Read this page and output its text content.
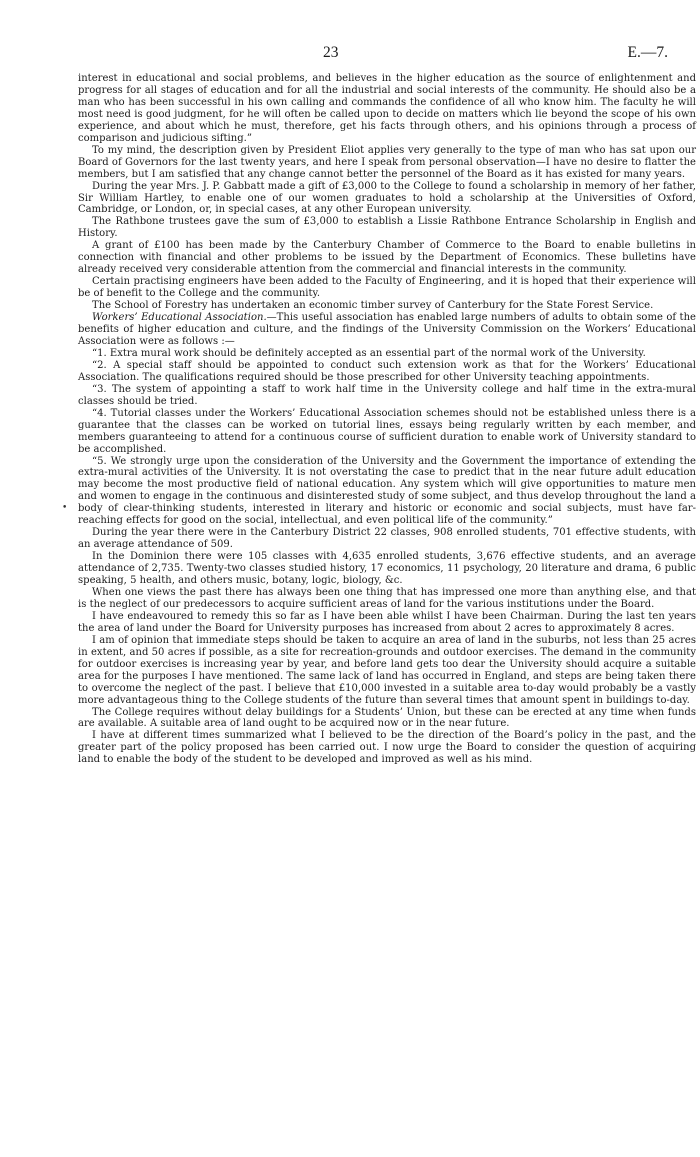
23	E.—7.
•

interest in educational and social problems, and believes in the higher education as the source of enlightenment and progress for all stages of education and for all the industrial and social interests of the community. He should also be a man who has been successful in his own calling and commands the confidence of all who know him. The faculty he will most need is good judgment, for he will often be called upon to decide on matters which lie beyond the scope of his own experience, and about which he must, therefore, get his facts through others, and his opinions through a process of comparison and judicious sifting.”

To my mind, the description given by President Eliot applies very generally to the type of man who has sat upon our Board of Governors for the last twenty years, and here I speak from personal observation—I have no desire to flatter the members, but I am satisfied that any change cannot better the personnel of the Board as it has existed for many years.

During the year Mrs. J. P. Gabbatt made a gift of £3,000 to the College to found a scholarship in memory of her father, Sir William Hartley, to enable one of our women graduates to hold a scholarship at the Universities of Oxford, Cambridge, or London, or, in special cases, at any other European university.

The Rathbone trustees gave the sum of £3,000 to establish a Lissie Rathbone Entrance Scholarship in English and History.

A grant of £100 has been made by the Canterbury Chamber of Commerce to the Board to enable bulletins in connection with financial and other problems to be issued by the Department of Economics. These bulletins have already received very considerable attention from the commercial and financial interests in the community.

Certain practising engineers have been added to the Faculty of Engineering, and it is hoped that their experience will be of benefit to the College and the community.

The School of Forestry has undertaken an economic timber survey of Canterbury for the State Forest Service.

Workers’ Educational Association.—This useful association has enabled large numbers of adults to obtain some of the benefits of higher education and culture, and the findings of the University Commission on the Workers’ Educational Association were as follows :—

“1. Extra mural work should be definitely accepted as an essential part of the normal work of the University.

“2. A special staff should be appointed to conduct such extension work as that for the Workers’ Educational Association. The qualifications required should be those prescribed for other University teaching appointments.

“3. The system of appointing a staff to work half time in the University college and half time in the extra-mural classes should be tried.

“4. Tutorial classes under the Workers’ Educational Association schemes should not be established unless there is a guarantee that the classes can be worked on tutorial lines, essays being regularly written by each member, and members guaranteeing to attend for a continuous course of sufficient duration to enable work of University standard to be accomplished.

“5. We strongly urge upon the consideration of the University and the Government the importance of extending the extra-mural activities of the University. It is not overstating the case to predict that in the near future adult education may become the most productive field of national education. Any system which will give opportunities to mature men and women to engage in the continuous and disinterested study of some subject, and thus develop throughout the land a body of clear-thinking students, interested in literary and historic or economic and social subjects, must have far-reaching effects for good on the social, intellectual, and even political life of the community.”

During the year there were in the Canterbury District 22 classes, 908 enrolled students, 701 effective students, with an average attendance of 509.

In the Dominion there were 105 classes with 4,635 enrolled students, 3,676 effective students, and an average attendance of 2,735. Twenty-two classes studied history, 17 economics, 11 psychology, 20 literature and drama, 6 public speaking, 5 health, and others music, botany, logic, biology, &c.

When one views the past there has always been one thing that has impressed one more than anything else, and that is the neglect of our predecessors to acquire sufficient areas of land for the various institutions under the Board.

I have endeavoured to remedy this so far as I have been able whilst I have been Chairman. During the last ten years the area of land under the Board for University purposes has increased from about 2 acres to approximately 8 acres.

I am of opinion that immediate steps should be taken to acquire an area of land in the suburbs, not less than 25 acres in extent, and 50 acres if possible, as a site for recreation-grounds and outdoor exercises. The demand in the community for outdoor exercises is increasing year by year, and before land gets too dear the University should acquire a suitable area for the purposes I have mentioned. The same lack of land has occurred in England, and steps are being taken there to overcome the neglect of the past. I believe that £10,000 invested in a suitable area to-day would probably be a vastly more advantageous thing to the College students of the future than several times that amount spent in buildings to-day.

The College requires without delay buildings for a Students’ Union, but these can be erected at any time when funds are available. A suitable area of land ought to be acquired now or in the near future.

I have at different times summarized what I believed to be the direction of the Board’s policy in the past, and the greater part of the policy proposed has been carried out. I now urge the Board to consider the question of acquiring land to enable the body of the student to be developed and improved as well as his mind.
